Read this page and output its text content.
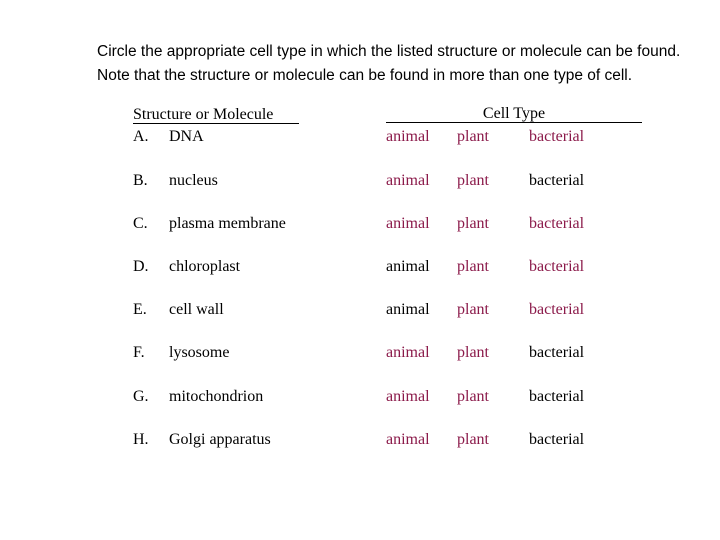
Circle the appropriate cell type in which the listed structure or molecule can be found.
Note that the structure or molecule can be found in more than one type of cell.
Structure or Molecule	Cell Type
A. DNA	animal plant	bacterial
B. nucleus	animal plant	bacterial
C. plasma membrane	animal plant	bacterial
D. chloroplast	animal plant	bacterial
E. cell wall	animal plant	bacterial
F. lysosome	animal plant	bacterial
G. mitochondrion	animal plant	bacterial
H. Golgi apparatus	animal plant	bacterial
